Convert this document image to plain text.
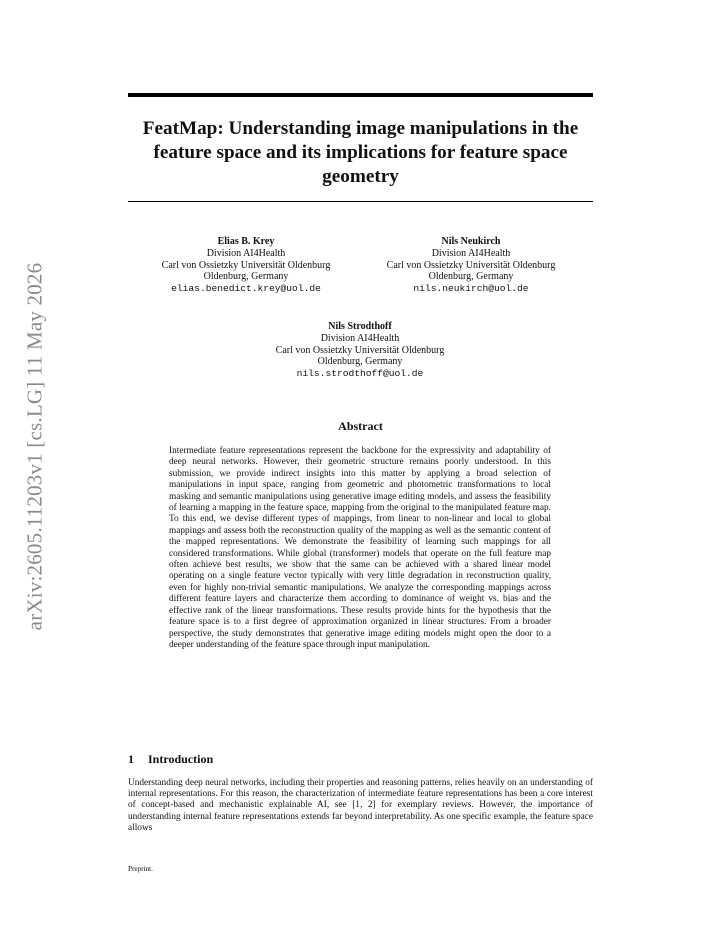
arXiv:2605.11203v1 [cs.LG] 11 May 2026
FeatMap: Understanding image manipulations in the feature space and its implications for feature space geometry
Elias B. Krey
Division AI4Health
Carl von Ossietzky Universität Oldenburg
Oldenburg, Germany
elias.benedict.krey@uol.de
Nils Neukirch
Division AI4Health
Carl von Ossietzky Universität Oldenburg
Oldenburg, Germany
nils.neukirch@uol.de
Nils Strodthoff
Division AI4Health
Carl von Ossietzky Universität Oldenburg
Oldenburg, Germany
nils.strodthoff@uol.de
Abstract

Intermediate feature representations represent the backbone for the expressivity and adaptability of deep neural networks. However, their geometric structure remains poorly understood. In this submission, we provide indirect insights into this matter by applying a broad selection of manipulations in input space, ranging from geometric and photometric transformations to local masking and semantic manipulations using generative image editing models, and assess the feasibility of learning a mapping in the feature space, mapping from the original to the manipulated feature map. To this end, we devise different types of mappings, from linear to non-linear and local to global mappings and assess both the reconstruction quality of the mapping as well as the semantic content of the mapped representations. We demonstrate the feasibility of learning such mappings for all considered transformations. While global (transformer) models that operate on the full feature map often achieve best results, we show that the same can be achieved with a shared linear model operating on a single feature vector typically with very little degradation in reconstruction quality, even for highly non-trivial semantic manipulations. We analyze the corresponding mappings across different feature layers and characterize them according to dominance of weight vs. bias and the effective rank of the linear transformations. These results provide hints for the hypothesis that the feature space is to a first degree of approximation organized in linear structures. From a broader perspective, the study demonstrates that generative image editing models might open the door to a deeper understanding of the feature space through input manipulation.

1 Introduction

Understanding deep neural networks, including their properties and reasoning patterns, relies heavily on an understanding of internal representations. For this reason, the characterization of intermediate feature representations has been a core interest of concept-based and mechanistic explainable AI, see [1, 2] for exemplary reviews. However, the importance of understanding internal feature representations extends far beyond interpretability. As one specific example, the feature space allows

Preprint.
